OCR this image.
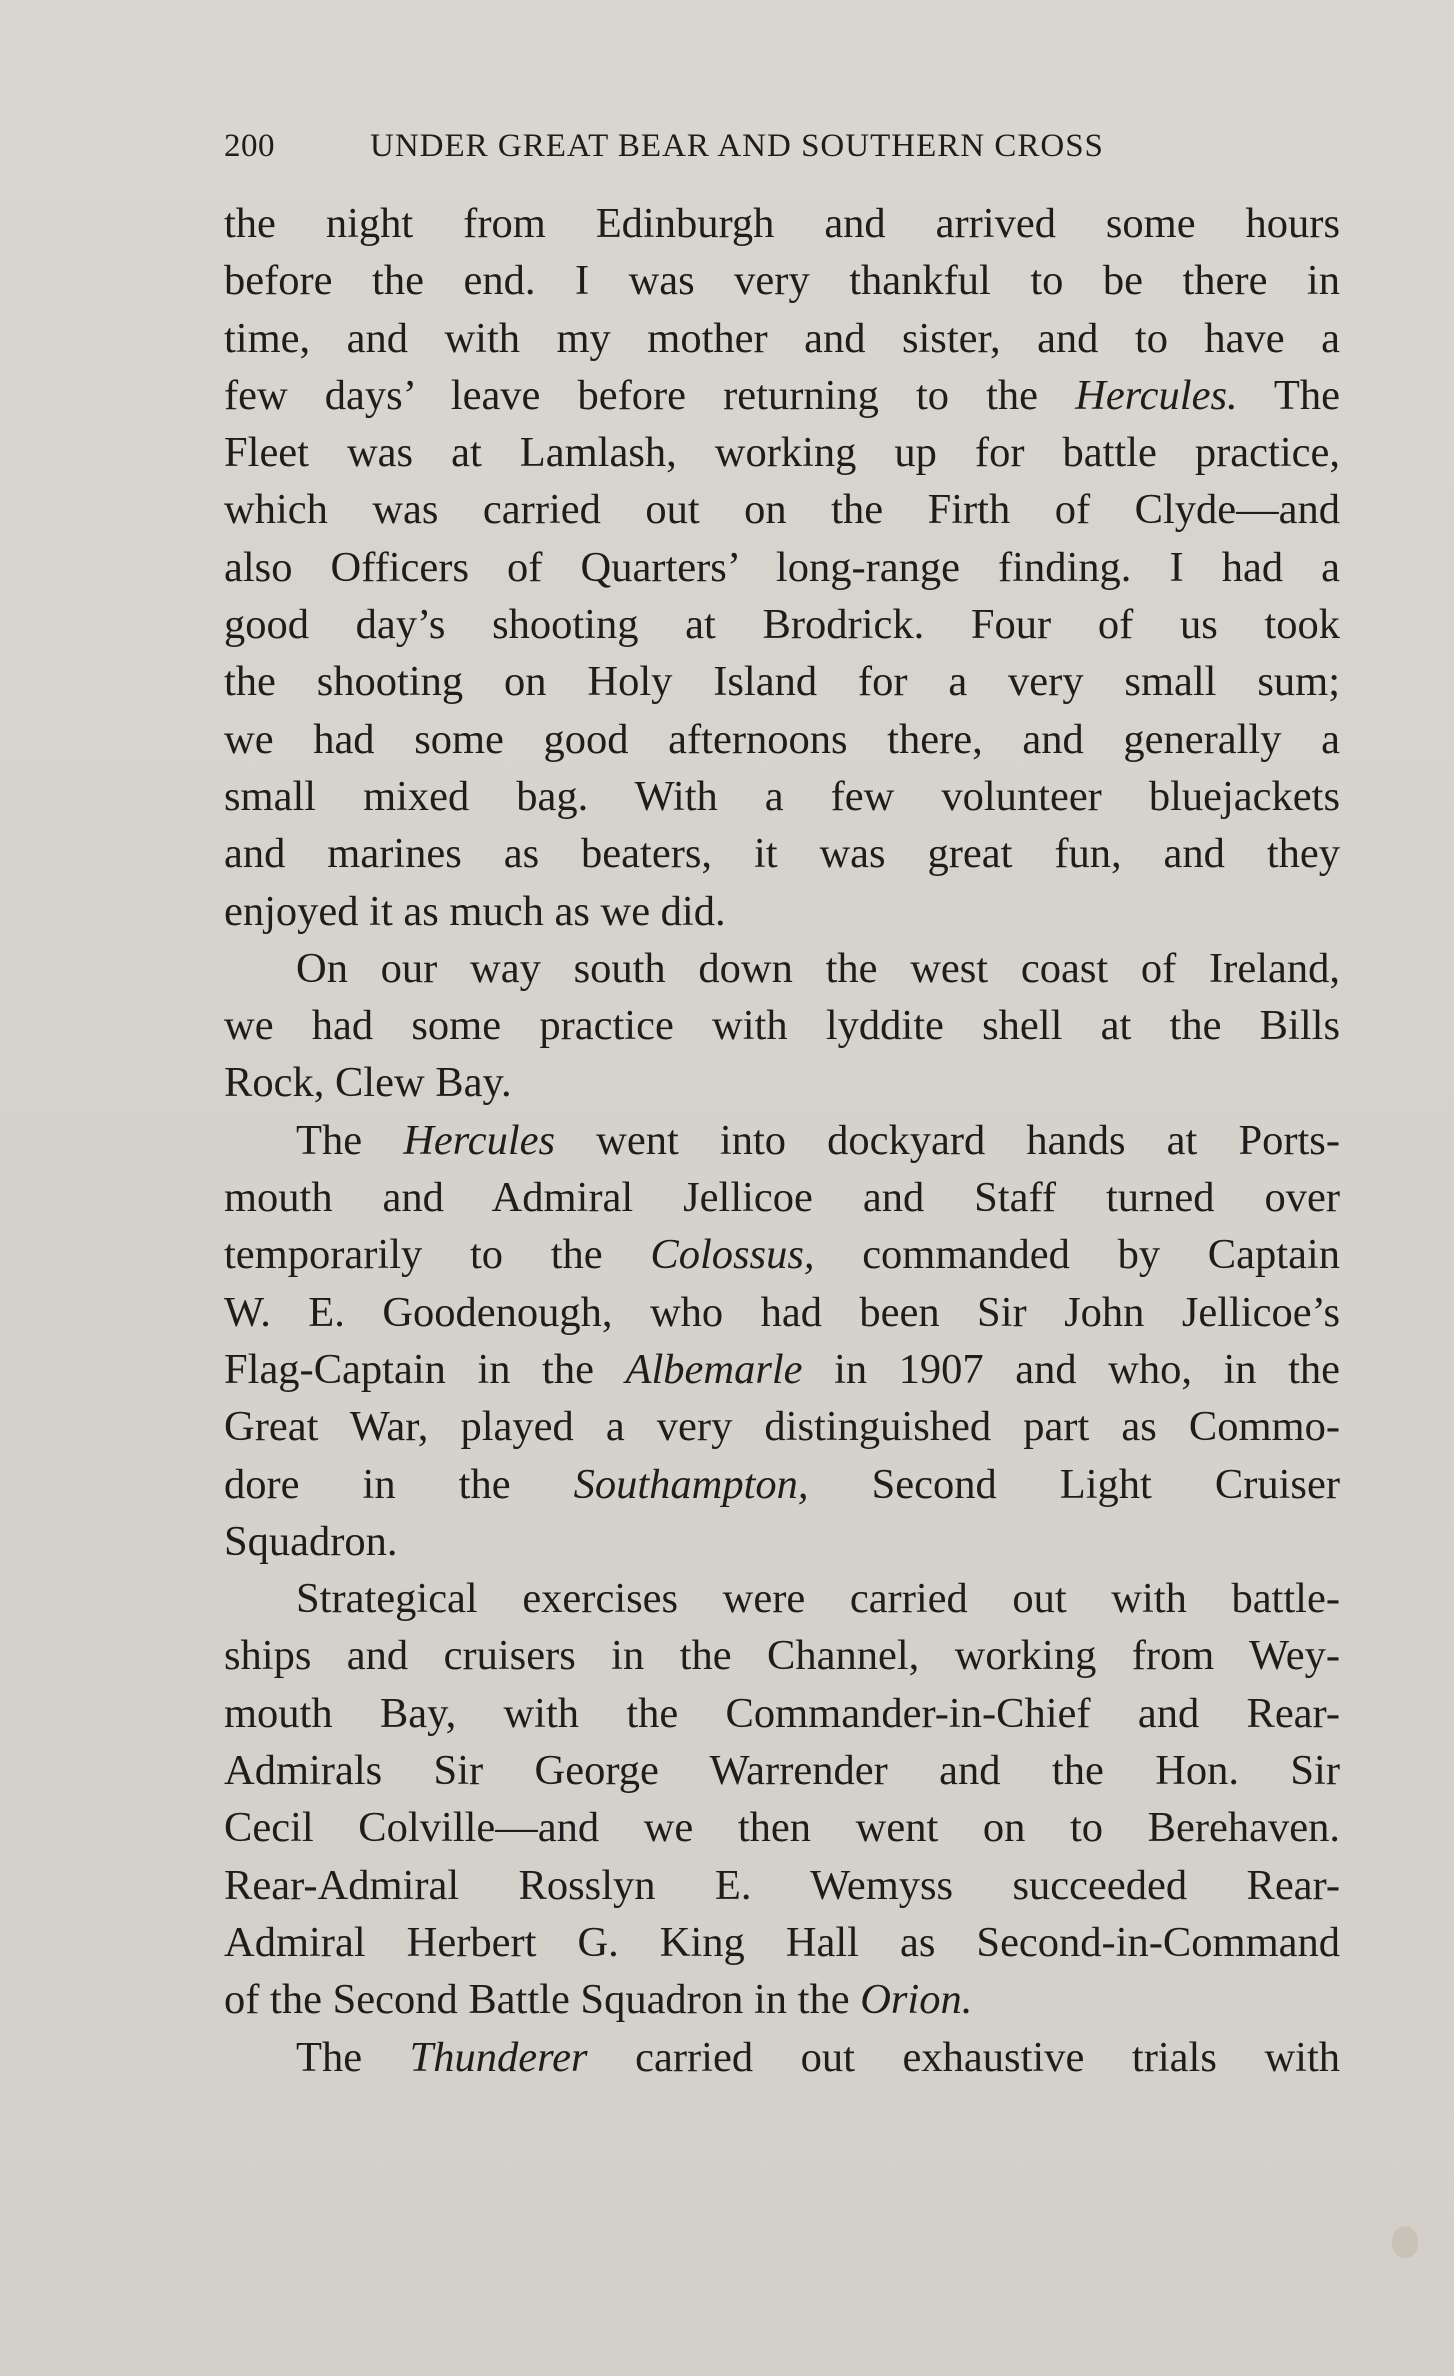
200	UNDER GREAT BEAR AND SOUTHERN CROSS
the night from Edinburgh and arrived some hours
before the end. I was very thankful to be there in
time, and with my mother and sister, and to have a
few days’ leave before returning to the Hercules. The
Fleet was at Lamlash, working up for battle practice,
which was carried out on the Firth of Clyde—and
also Officers of Quarters’ long-range finding. I had a
good day’s shooting at Brodrick. Four of us took
the shooting on Holy Island for a very small sum;
we had some good afternoons there, and generally a
small mixed bag. With a few volunteer bluejackets
and marines as beaters, it was great fun, and they
enjoyed it as much as we did.
On our way south down the west coast of Ireland,
we had some practice with lyddite shell at the Bills
Rock, Clew Bay.
The Hercules went into dockyard hands at Ports-
mouth and Admiral Jellicoe and Staff turned over
temporarily to the Colossus, commanded by Captain
W. E. Goodenough, who had been Sir John Jellicoe’s
Flag-Captain in the Albemarle in 1907 and who, in the
Great War, played a very distinguished part as Commo-
dore in the Southampton, Second Light Cruiser
Squadron.
Strategical exercises were carried out with battle-
ships and cruisers in the Channel, working from Wey-
mouth Bay, with the Commander-in-Chief and Rear-
Admirals Sir George Warrender and the Hon. Sir
Cecil Colville—and we then went on to Berehaven.
Rear-Admiral Rosslyn E. Wemyss succeeded Rear-
Admiral Herbert G. King Hall as Second-in-Command
of the Second Battle Squadron in the Orion.
The Thunderer carried out exhaustive trials with
